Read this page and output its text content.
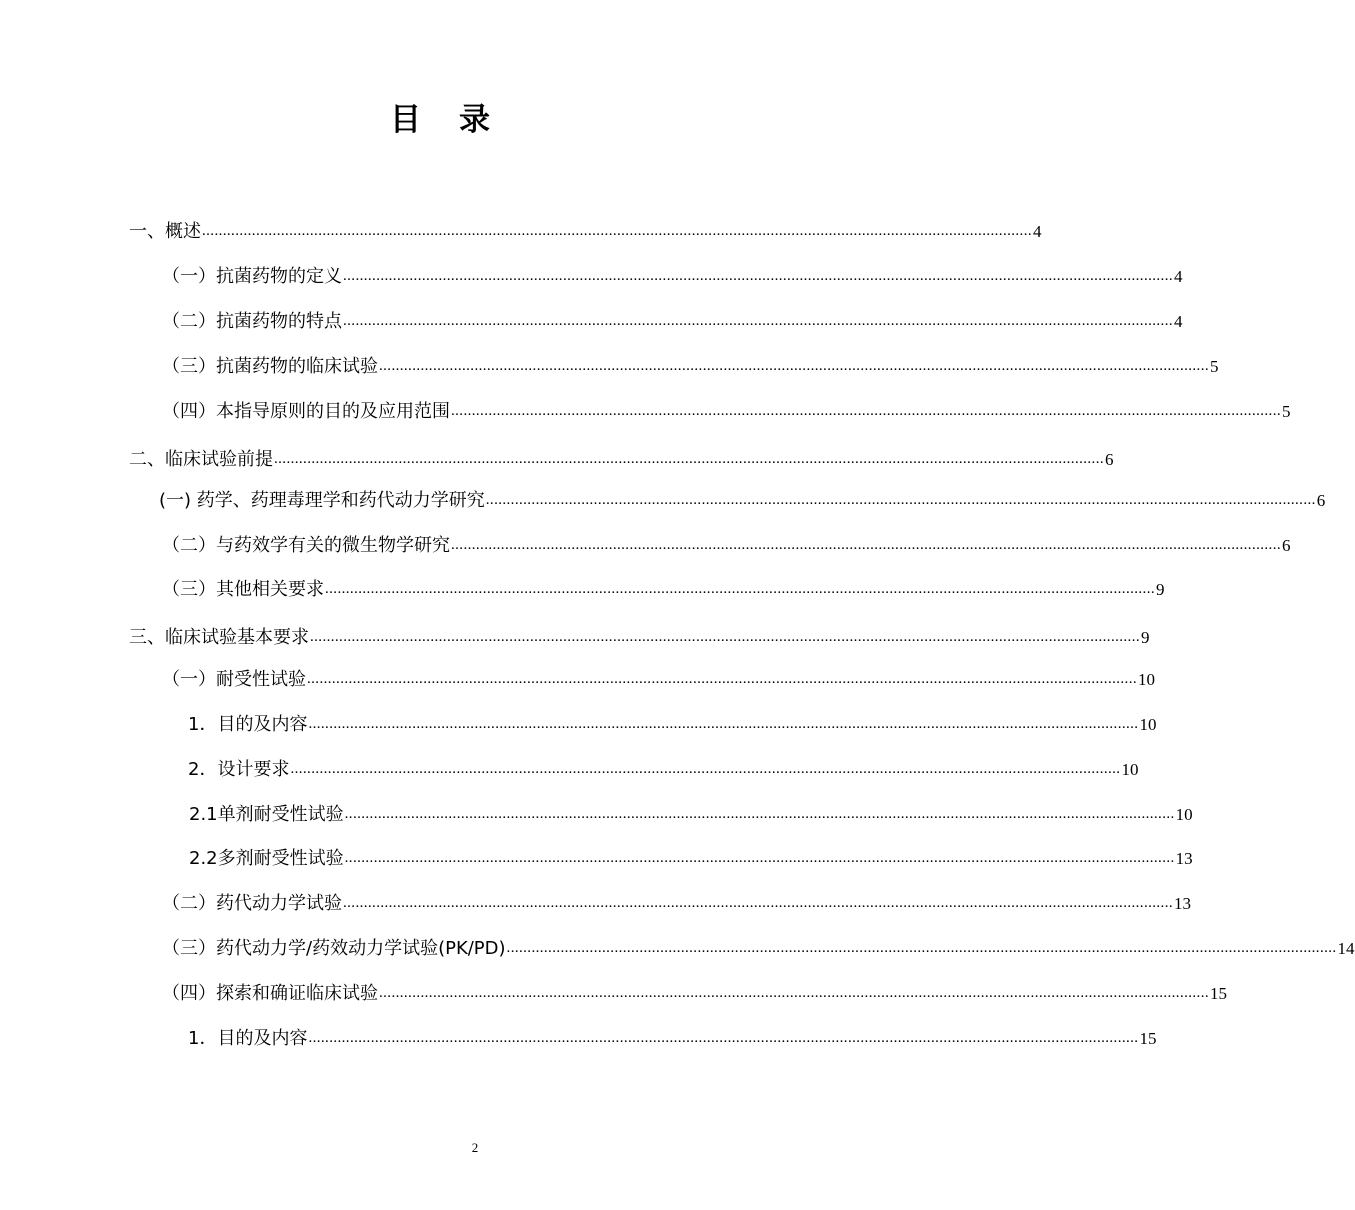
目录
一、概述 ........................................................................................................................................................................................................ 4
（一）抗菌药物的定义 ........................................................................................................................................................................................................ 4
（二）抗菌药物的特点 ........................................................................................................................................................................................................ 4
（三）抗菌药物的临床试验 ........................................................................................................................................................................................................ 5
（四）本指导原则的目的及应用范围 ........................................................................................................................................................................................................ 5
二、临床试验前提 ........................................................................................................................................................................................................ 6
(一) 药学、药理毒理学和药代动力学研究 ........................................................................................................................................................................................................ 6
（二）与药效学有关的微生物学研究 ........................................................................................................................................................................................................ 6
（三）其他相关要求 ........................................................................................................................................................................................................ 9
三、临床试验基本要求 ........................................................................................................................................................................................................ 9
（一）耐受性试验 ........................................................................................................................................................................................................ 10
1．目的及内容 ........................................................................................................................................................................................................ 10
2．设计要求 ........................................................................................................................................................................................................ 10
2.1单剂耐受性试验 ........................................................................................................................................................................................................ 10
2.2多剂耐受性试验 ........................................................................................................................................................................................................ 13
（二）药代动力学试验 ........................................................................................................................................................................................................ 13
（三）药代动力学/药效动力学试验(PK/PD) ........................................................................................................................................................................................................ 14
（四）探索和确证临床试验 ........................................................................................................................................................................................................ 15
1．目的及内容 ........................................................................................................................................................................................................ 15
2
